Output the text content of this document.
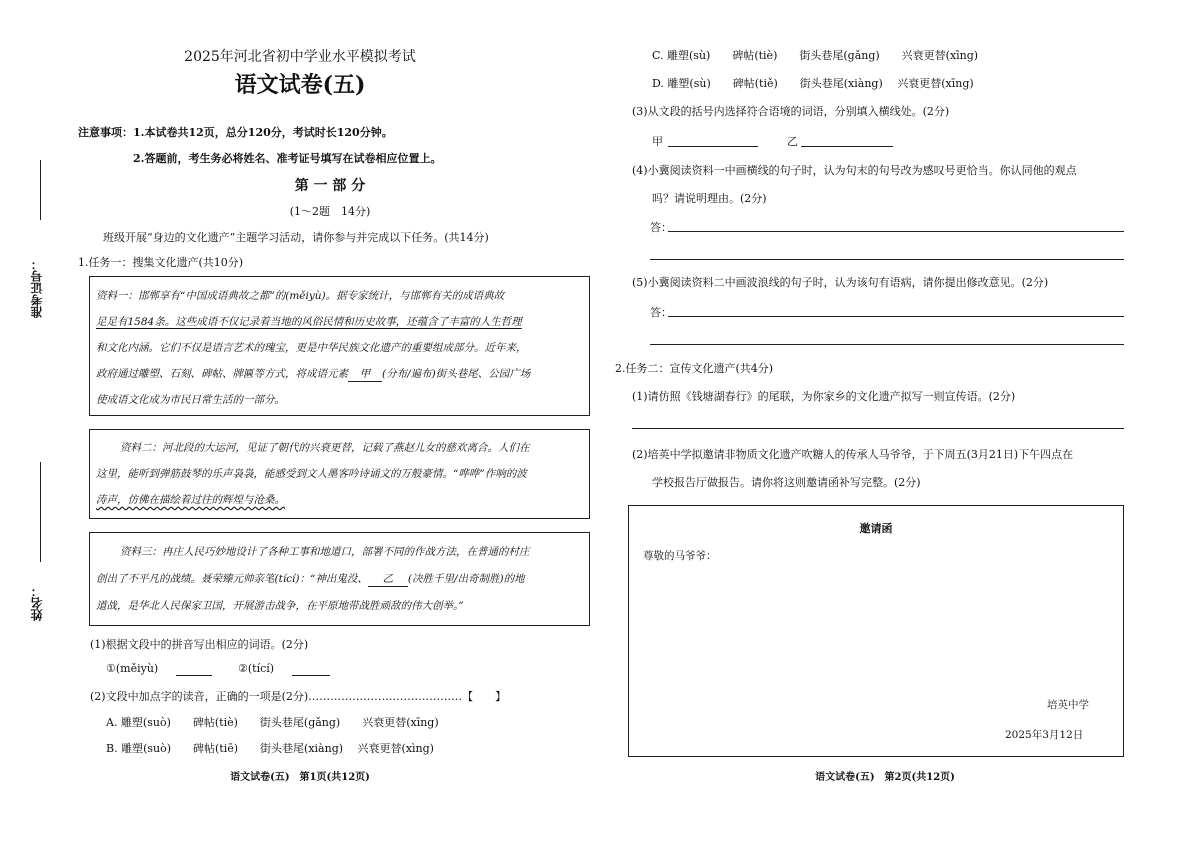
准考证号：
姓名：
2025年河北省初中学业水平模拟考试
语文试卷(五)
注意事项：1.本试卷共12页，总分120分，考试时长120分钟。
2.答题前，考生务必将姓名、准考证号填写在试卷相应位置上。
第 一 部 分
(1～2题　14分)
班级开展“身边的文化遗产”主题学习活动，请你参与并完成以下任务。(共14分)
1.任务一：搜集文化遗产(共10分)
资料一：邯郸享有“中国成语典故之都”的(měiyù)。据专家统计，与邯郸有关的成语典故
足足有1584条。这些成语不仅记录着当地的风俗民情和历史故事，还蕴含了丰富的人生哲理
和文化内涵。它们不仅是语言艺术的瑰宝，更是中华民族文化遗产的重要组成部分。近年来，
政府通过雕塑、石刻、碑帖、牌匾等方式，将成语元素 甲 (分布/遍布)街头巷尾、公园广场
使成语文化成为市民日常生活的一部分。
资料二：河北段的大运河，见证了朝代的兴衰更替，记载了燕赵儿女的慈欢离合。人们在
这里，能听到弹筋鼓琴的乐声袅袅，能感受到文人墨客吟诗诵文的万般豪情。“哗哗”作响的波
涛声，仿佛在描绘着过往的辉煌与沧桑。
资料三：冉庄人民巧妙地设计了各种工事和地道口，部署不同的作战方法，在普通的村庄
创出了不平凡的战绩。聂荣臻元帅亲笔(tící)：“神出鬼没、 乙 (决胜千里/出奇制胜)的地
道战，是华北人民保家卫国，开展游击战争，在平原地带战胜顽敌的伟大创举。”
(1)根据文段中的拼音写出相应的词语。(2分)
①(měiyù)	②(tící)
(2)文段中加点字的读音，正确的一项是(2分)……………………………………【　　】
A. 雕塑(suò)　　碑帖(tiè)　　街头巷尾(gǎng)　　兴衰更替(xīng)
B. 雕塑(suò)　　碑帖(tiē)　　街头巷尾(xiàng)　 兴衰更替(xìng)
语文试卷(五)　第1页(共12页)
C. 雕塑(sù)　　碑帖(tiè)　　街头巷尾(gǎng)　　兴衰更替(xīng)
D. 雕塑(sù)　　碑帖(tiě)　　街头巷尾(xiàng)　 兴衰更替(xīng)
(3)从文段的括号内选择符合语境的词语，分别填入横线处。(2分)
甲	乙
(4)小冀阅读资料一中画横线的句子时，认为句末的句号改为感叹号更恰当。你认同他的观点
吗？请说明理由。(2分)
答：
(5)小冀阅读资料二中画波浪线的句子时，认为该句有语病，请你提出修改意见。(2分)
答：
2.任务二：宣传文化遗产(共4分)
(1)请仿照《钱塘湖春行》的尾联，为你家乡的文化遗产拟写一则宣传语。(2分)
(2)培英中学拟邀请非物质文化遗产吹糖人的传承人马爷爷，于下周五(3月21日)下午四点在
学校报告厅做报告。请你将这则邀请函补写完整。(2分)
邀请函
尊敬的马爷爷：
培英中学
2025年3月12日
语文试卷(五)　第2页(共12页)
